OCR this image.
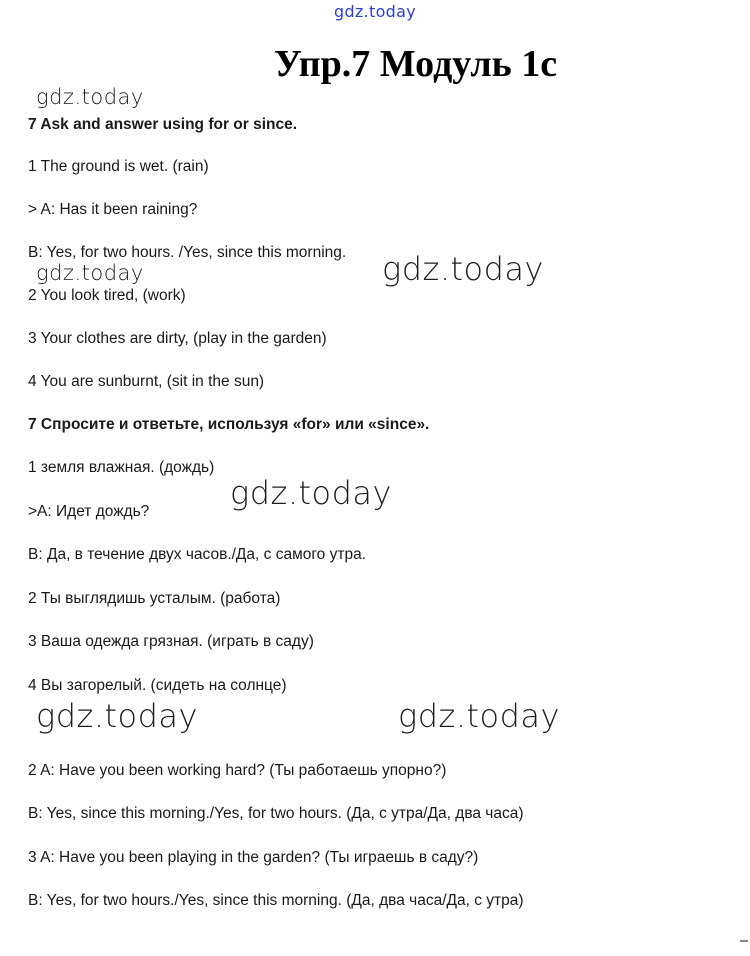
gdz.today
Упр.7 Модуль 1с
7 Ask and answer using for or since.
1 The ground is wet. (rain)
> A: Has it been raining?
B: Yes, for two hours. /Yes, since this morning.
2 You look tired, (work)
3 Your clothes are dirty, (play in the garden)
4 You are sunburnt, (sit in the sun)
7 Спросите и ответьте, используя «for» или «since».
1 земля влажная. (дождь)
>А: Идет дождь?
В: Да, в течение двух часов./Да, с самого утра.
2 Ты выглядишь усталым. (работа)
3 Ваша одежда грязная. (играть в саду)
4 Вы загорелый. (сидеть на солнце)
2 A: Have you been working hard? (Ты работаешь упорно?)
B: Yes, since this morning./Yes, for two hours. (Да, с утра/Да, два часа)
3 A: Have you been playing in the garden? (Ты играешь в саду?)
B: Yes, for two hours./Yes, since this morning. (Да, два часа/Да, с утра)
gdz.today
gdz.today	gdz.today
gdz.today
gdz.today	gdz.today
